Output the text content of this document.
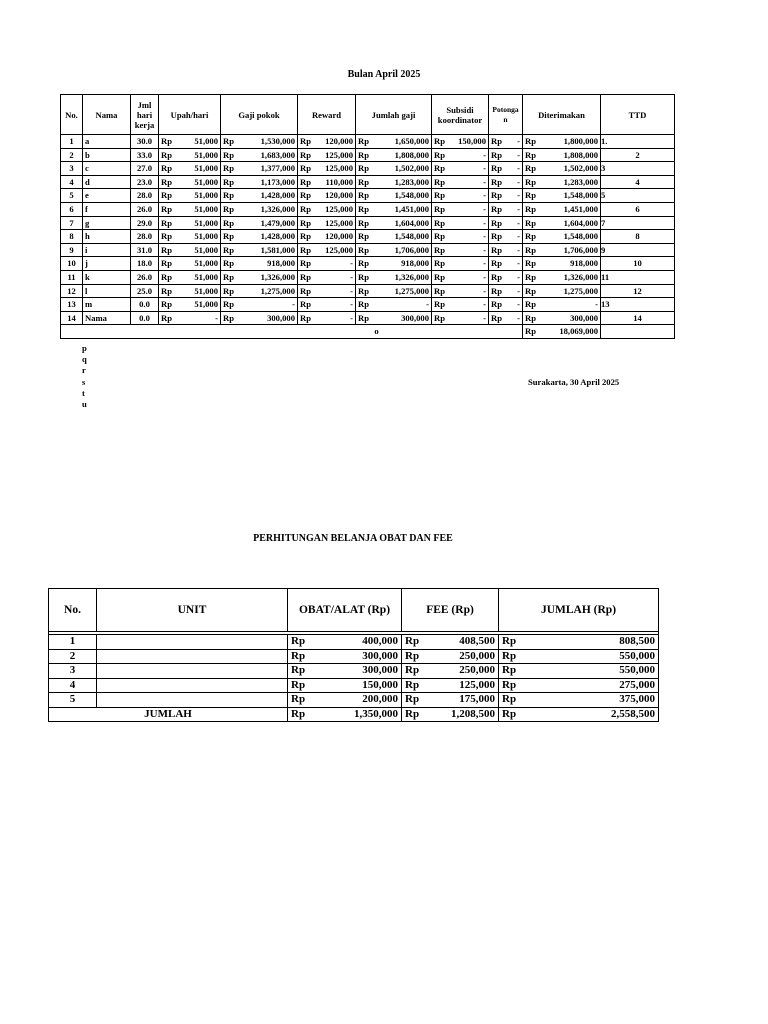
Bulan April 2025
No.	Nama	Jml hari kerja	Upah/hari	Gaji pokok	Reward	Jumlah gaji	Subsidi koordinator	Potonga n	Diterimakan	TTD
1	a	30.0	Rp 51,000	Rp 1,530,000	Rp 120,000	Rp 1,650,000	Rp 150,000	Rp -	Rp 1,800,000	1.
2	b	33.0	Rp 51,000	Rp 1,683,000	Rp 125,000	Rp 1,808,000	Rp -	Rp -	Rp 1,808,000	2
3	c	27.0	Rp 51,000	Rp 1,377,000	Rp 125,000	Rp 1,502,000	Rp -	Rp -	Rp 1,502,000	3
4	d	23.0	Rp 51,000	Rp 1,173,000	Rp 110,000	Rp 1,283,000	Rp -	Rp -	Rp 1,283,000	4
5	e	28.0	Rp 51,000	Rp 1,428,000	Rp 120,000	Rp 1,548,000	Rp -	Rp -	Rp 1,548,000	5
6	f	26.0	Rp 51,000	Rp 1,326,000	Rp 125,000	Rp 1,451,000	Rp -	Rp -	Rp 1,451,000	6
7	g	29.0	Rp 51,000	Rp 1,479,000	Rp 125,000	Rp 1,604,000	Rp -	Rp -	Rp 1,604,000	7
8	h	28.0	Rp 51,000	Rp 1,428,000	Rp 120,000	Rp 1,548,000	Rp -	Rp -	Rp 1,548,000	8
9	i	31.0	Rp 51,000	Rp 1,581,000	Rp 125,000	Rp 1,706,000	Rp -	Rp -	Rp 1,706,000	9
10	j	18.0	Rp 51,000	Rp 918,000	Rp -	Rp 918,000	Rp -	Rp -	Rp 918,000	10
11	k	26.0	Rp 51,000	Rp 1,326,000	Rp -	Rp 1,326,000	Rp -	Rp -	Rp 1,326,000	11
12	l	25.0	Rp 51,000	Rp 1,275,000	Rp -	Rp 1,275,000	Rp -	Rp -	Rp 1,275,000	12
13	m	0.0	Rp 51,000	Rp -	Rp -	Rp -	Rp -	Rp -	Rp -	13
14	Nama	0.0	Rp -	Rp 300,000	Rp -	Rp 300,000	Rp -	Rp -	Rp 300,000	14
o									Rp 18,069,000	

p
q
r
s
t
u
Surakarta, 30 April 2025
PERHITUNGAN BELANJA OBAT DAN FEE
No.	UNIT	OBAT/ALAT (Rp)	FEE (Rp)	JUMLAH (Rp)

1		Rp 400,000	Rp 408,500	Rp 808,500

2		Rp 300,000	Rp 250,000	Rp 550,000

3		Rp 300,000	Rp 250,000	Rp 550,000

4		Rp 150,000	Rp 125,000	Rp 275,000

5		Rp 200,000	Rp 175,000	Rp 375,000

JUMLAH		Rp 1,350,000	Rp 1,208,500	Rp 2,558,500
